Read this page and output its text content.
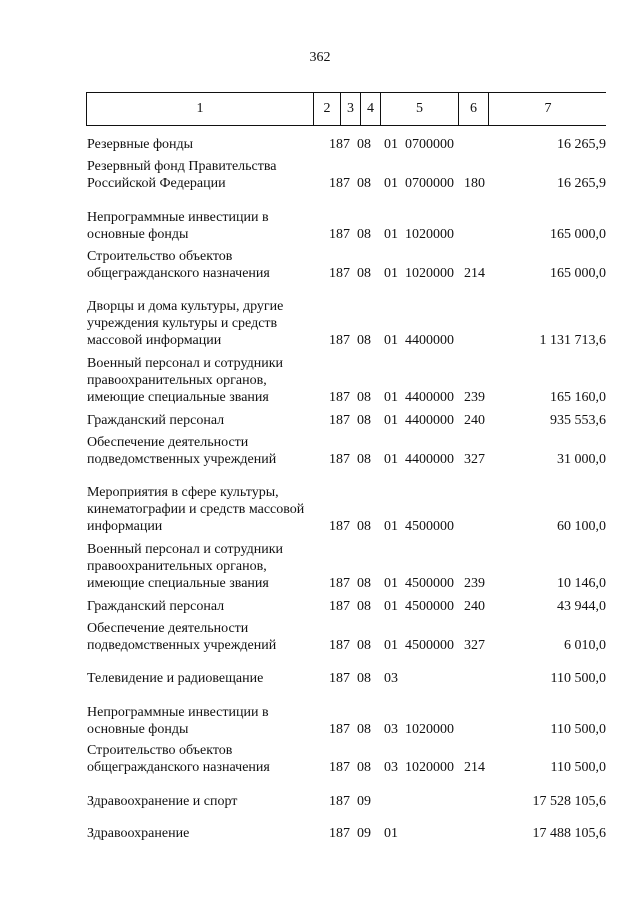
362
1	2	3 4	5	6	7
Резервные фонды	187 08 01 0700000	16 265,9
Резервный фонд Правительства Российской Федерации	187 08 01 0700000 180	16 265,9
Непрограммные инвестиции в основные фонды	187 08 01 1020000	165 000,0
Строительство объектов общегражданского назначения	187 08 01 1020000 214	165 000,0
Дворцы и дома культуры, другие учреждения культуры и средств массовой информации	187 08 01 4400000	1 131 713,6
Военный персонал и сотрудники правоохранительных органов, имеющие специальные звания	187 08 01 4400000 239	165 160,0
Гражданский персонал	187 08 01 4400000 240	935 553,6
Обеспечение деятельности подведомственных учреждений	187 08 01 4400000 327	31 000,0
Мероприятия в сфере культуры, кинематографии и средств массовой информации	187 08 01 4500000	60 100,0
Военный персонал и сотрудники правоохранительных органов, имеющие специальные звания	187 08 01 4500000 239	10 146,0
Гражданский персонал	187 08 01 4500000 240	43 944,0
Обеспечение деятельности подведомственных учреждений	187 08 01 4500000 327	6 010,0
Телевидение и радиовещание	187 08 03	110 500,0
Непрограммные инвестиции в основные фонды	187 08 03 1020000	110 500,0
Строительство объектов общегражданского назначения	187 08 03 1020000 214	110 500,0
Здравоохранение и спорт	187 09	17 528 105,6
Здравоохранение	187 09 01	17 488 105,6
